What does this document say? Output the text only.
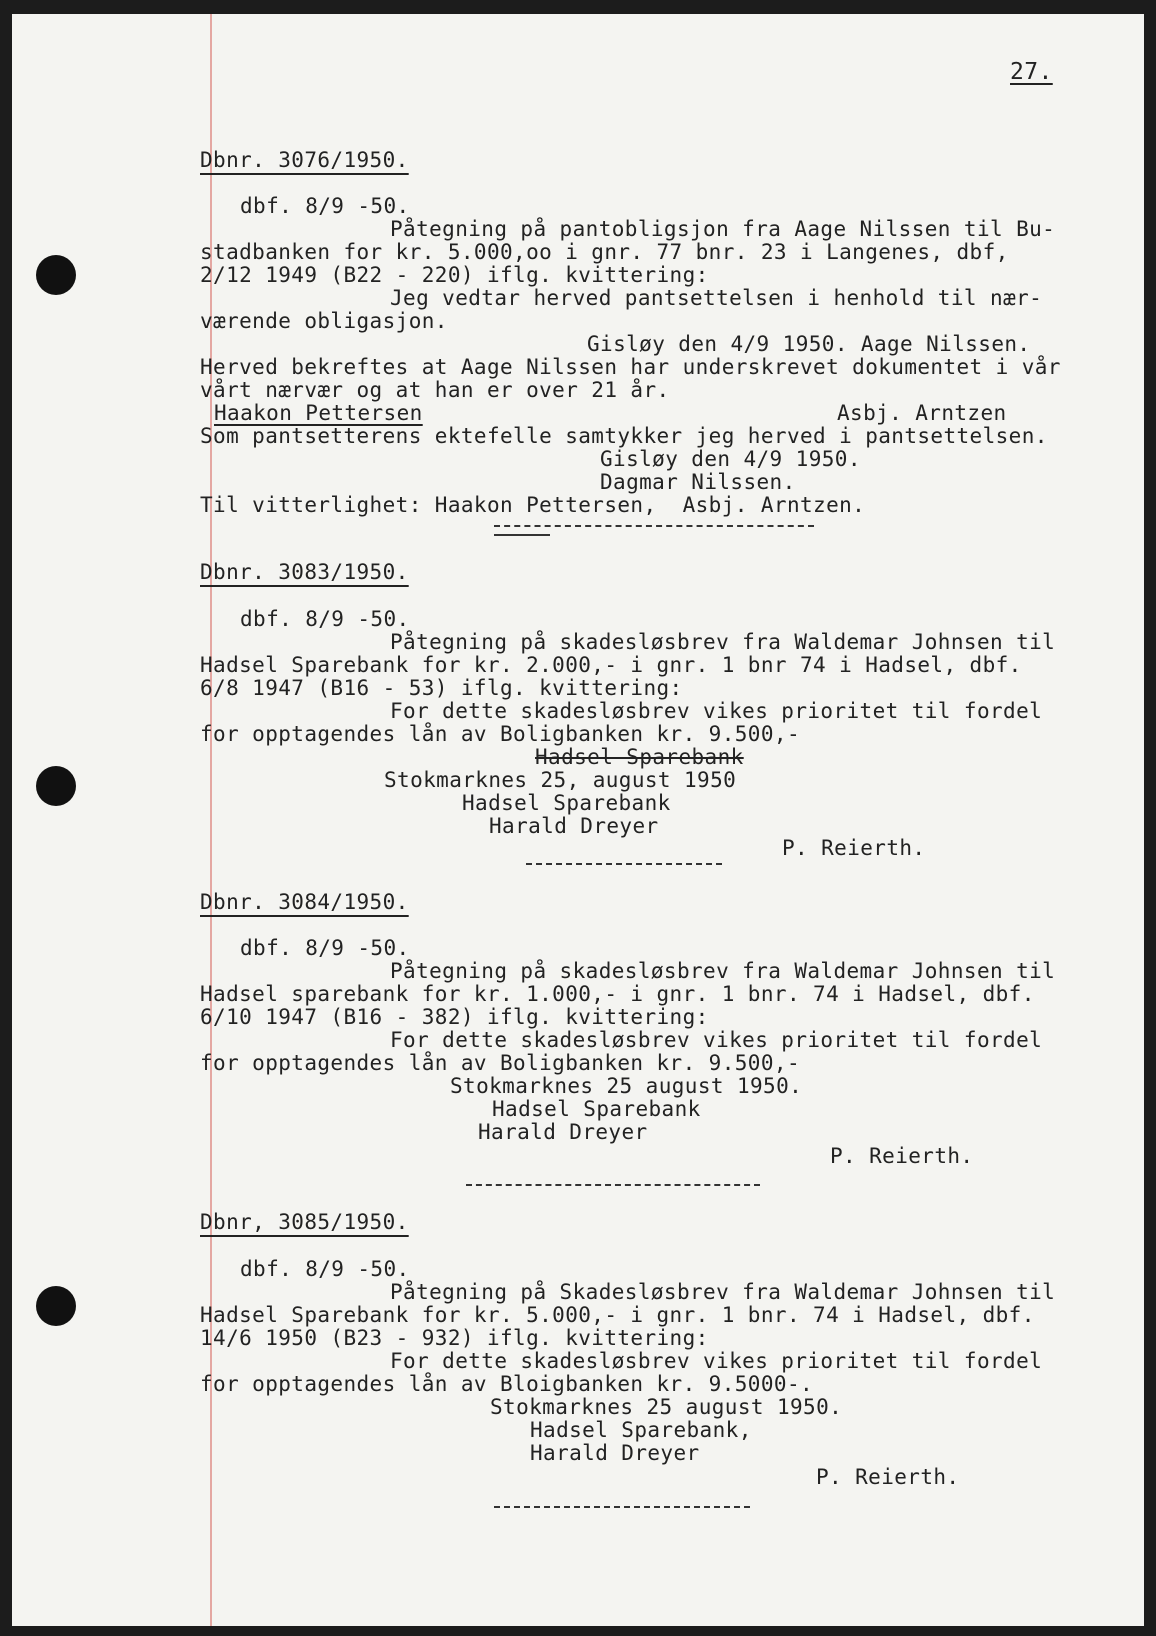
27.
Dbnr. 3076/1950.
dbf. 8/9 -50.
Påtegning på pantobligsjon fra Aage Nilssen til Bu-
stadbanken for kr. 5.000,oo i gnr. 77 bnr. 23 i Langenes, dbf,
2/12 1949 (B22 - 220) iflg. kvittering:
Jeg vedtar herved pantsettelsen i henhold til nær-
værende obligasjon.
Gisløy den 4/9 1950. Aage Nilssen.
Herved bekreftes at Aage Nilssen har underskrevet dokumentet i vår
vårt nærvær og at han er over 21 år.
Haakon Pettersen	Asbj. Arntzen
Som pantsetterens ektefelle samtykker jeg herved i pantsettelsen.
Gisløy den 4/9 1950.
Dagmar Nilssen.
Til vitterlighet: Haakon Pettersen,  Asbj. Arntzen.
Dbnr. 3083/1950.
dbf. 8/9 -50.
Påtegning på skadesløsbrev fra Waldemar Johnsen til
Hadsel Sparebank for kr. 2.000,- i gnr. 1 bnr 74 i Hadsel, dbf.
6/8 1947 (B16 - 53) iflg. kvittering:
For dette skadesløsbrev vikes prioritet til fordel
for opptagendes lån av Boligbanken kr. 9.500,-
Hadsel Sparebank
Stokmarknes 25, august 1950
Hadsel Sparebank
Harald Dreyer
P. Reierth.
Dbnr. 3084/1950.
dbf. 8/9 -50.
Påtegning på skadesløsbrev fra Waldemar Johnsen til
Hadsel sparebank for kr. 1.000,- i gnr. 1 bnr. 74 i Hadsel, dbf.
6/10 1947 (B16 - 382) iflg. kvittering:
For dette skadesløsbrev vikes prioritet til fordel
for opptagendes lån av Boligbanken kr. 9.500,-
Stokmarknes 25 august 1950.
Hadsel Sparebank
Harald Dreyer
P. Reierth.
Dbnr, 3085/1950.
dbf. 8/9 -50.
Påtegning på Skadesløsbrev fra Waldemar Johnsen til
Hadsel Sparebank for kr. 5.000,- i gnr. 1 bnr. 74 i Hadsel, dbf.
14/6 1950 (B23 - 932) iflg. kvittering:
For dette skadesløsbrev vikes prioritet til fordel
for opptagendes lån av Bloigbanken kr. 9.5000-.
Stokmarknes 25 august 1950.
Hadsel Sparebank,
Harald Dreyer
P. Reierth.
